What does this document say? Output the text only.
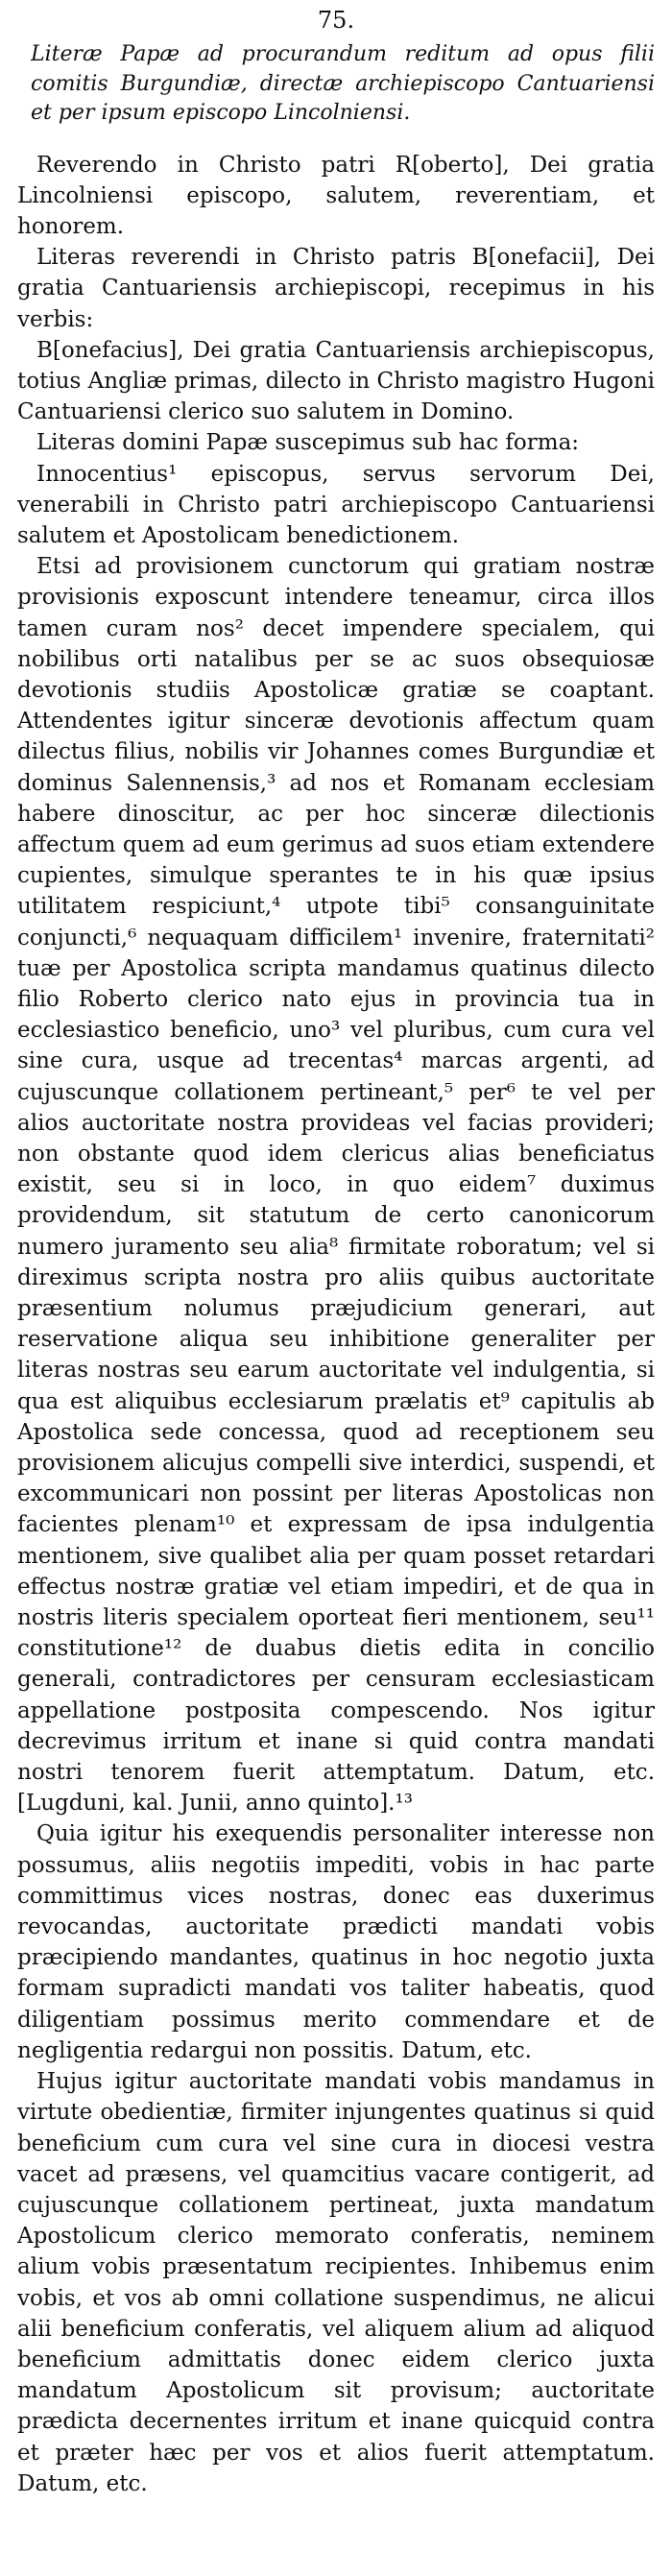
75.
Literæ Papæ ad procurandum reditum ad opus filii comitis Burgundiæ, directæ archiepiscopo Cantuariensi et per ipsum episcopo Lincolniensi.

Reverendo in Christo patri R[oberto], Dei gratia Lincolniensi episcopo, salutem, reverentiam, et honorem.

Literas reverendi in Christo patris B[onefacii], Dei gratia Cantuariensis archiepiscopi, recepimus in his verbis:

B[onefacius], Dei gratia Cantuariensis archiepiscopus, totius Angliæ primas, dilecto in Christo magistro Hugoni Cantuariensi clerico suo salutem in Domino.

Literas domini Papæ suscepimus sub hac forma:

Innocentius¹ episcopus, servus servorum Dei, venerabili in Christo patri archiepiscopo Cantuariensi salutem et Apostolicam benedictionem.

Etsi ad provisionem cunctorum qui gratiam nostræ provisionis exposcunt intendere teneamur, circa illos tamen curam nos² decet impendere specialem, qui nobilibus orti natalibus per se ac suos obsequiosæ devotionis studiis Apostolicæ gratiæ se coaptant. Attendentes igitur sinceræ devotionis affectum quam dilectus filius, nobilis vir Johannes comes Burgundiæ et dominus Salennensis,³ ad nos et Romanam ecclesiam habere dinoscitur, ac per hoc sinceræ dilectionis affectum quem ad eum gerimus ad suos etiam extendere cupientes, simulque sperantes te in his quæ ipsius utilitatem respiciunt,⁴ utpote tibi⁵ consanguinitate conjuncti,⁶ nequaquam difficilem¹ invenire, fraternitati² tuæ per Apostolica scripta mandamus quatinus dilecto filio Roberto clerico nato ejus in provincia tua in ecclesiastico beneficio, uno³ vel pluribus, cum cura vel sine cura, usque ad trecentas⁴ marcas argenti, ad cujuscunque collationem pertineant,⁵ per⁶ te vel per alios auctoritate nostra provideas vel facias provideri; non obstante quod idem clericus alias beneficiatus existit, seu si in loco, in quo eidem⁷ duximus providendum, sit statutum de certo canonicorum numero juramento seu alia⁸ firmitate roboratum; vel si direximus scripta nostra pro aliis quibus auctoritate præsentium nolumus præjudicium generari, aut reservatione aliqua seu inhibitione generaliter per literas nostras seu earum auctoritate vel indulgentia, si qua est aliquibus ecclesiarum prælatis et⁹ capitulis ab Apostolica sede concessa, quod ad receptionem seu provisionem alicujus compelli sive interdici, suspendi, et excommunicari non possint per literas Apostolicas non facientes plenam¹⁰ et expressam de ipsa indulgentia mentionem, sive qualibet alia per quam posset retardari effectus nostræ gratiæ vel etiam impediri, et de qua in nostris literis specialem oporteat fieri mentionem, seu¹¹ constitutione¹² de duabus dietis edita in concilio generali, contradictores per censuram ecclesiasticam appellatione postposita compescendo. Nos igitur decrevimus irritum et inane si quid contra mandati nostri tenorem fuerit attemptatum. Datum, etc. [Lugduni, kal. Junii, anno quinto].¹³

Quia igitur his exequendis personaliter interesse non possumus, aliis negotiis impediti, vobis in hac parte committimus vices nostras, donec eas duxerimus revocandas, auctoritate prædicti mandati vobis præcipiendo mandantes, quatinus in hoc negotio juxta formam supradicti mandati vos taliter habeatis, quod diligentiam possimus merito commendare et de negligentia redargui non possitis. Datum, etc.

Hujus igitur auctoritate mandati vobis mandamus in virtute obedientiæ, firmiter injungentes quatinus si quid beneficium cum cura vel sine cura in diocesi vestra vacet ad præsens, vel quamcitius vacare contigerit, ad cujuscunque collationem pertineat, juxta mandatum Apostolicum clerico memorato conferatis, neminem alium vobis præsentatum recipientes. Inhibemus enim vobis, et vos ab omni collatione suspendimus, ne alicui alii beneficium conferatis, vel aliquem alium ad aliquod beneficium admittatis donec eidem clerico juxta mandatum Apostolicum sit provisum; auctoritate prædicta decernentes irritum et inane quicquid contra et præter hæc per vos et alios fuerit attemptatum. Datum, etc.
